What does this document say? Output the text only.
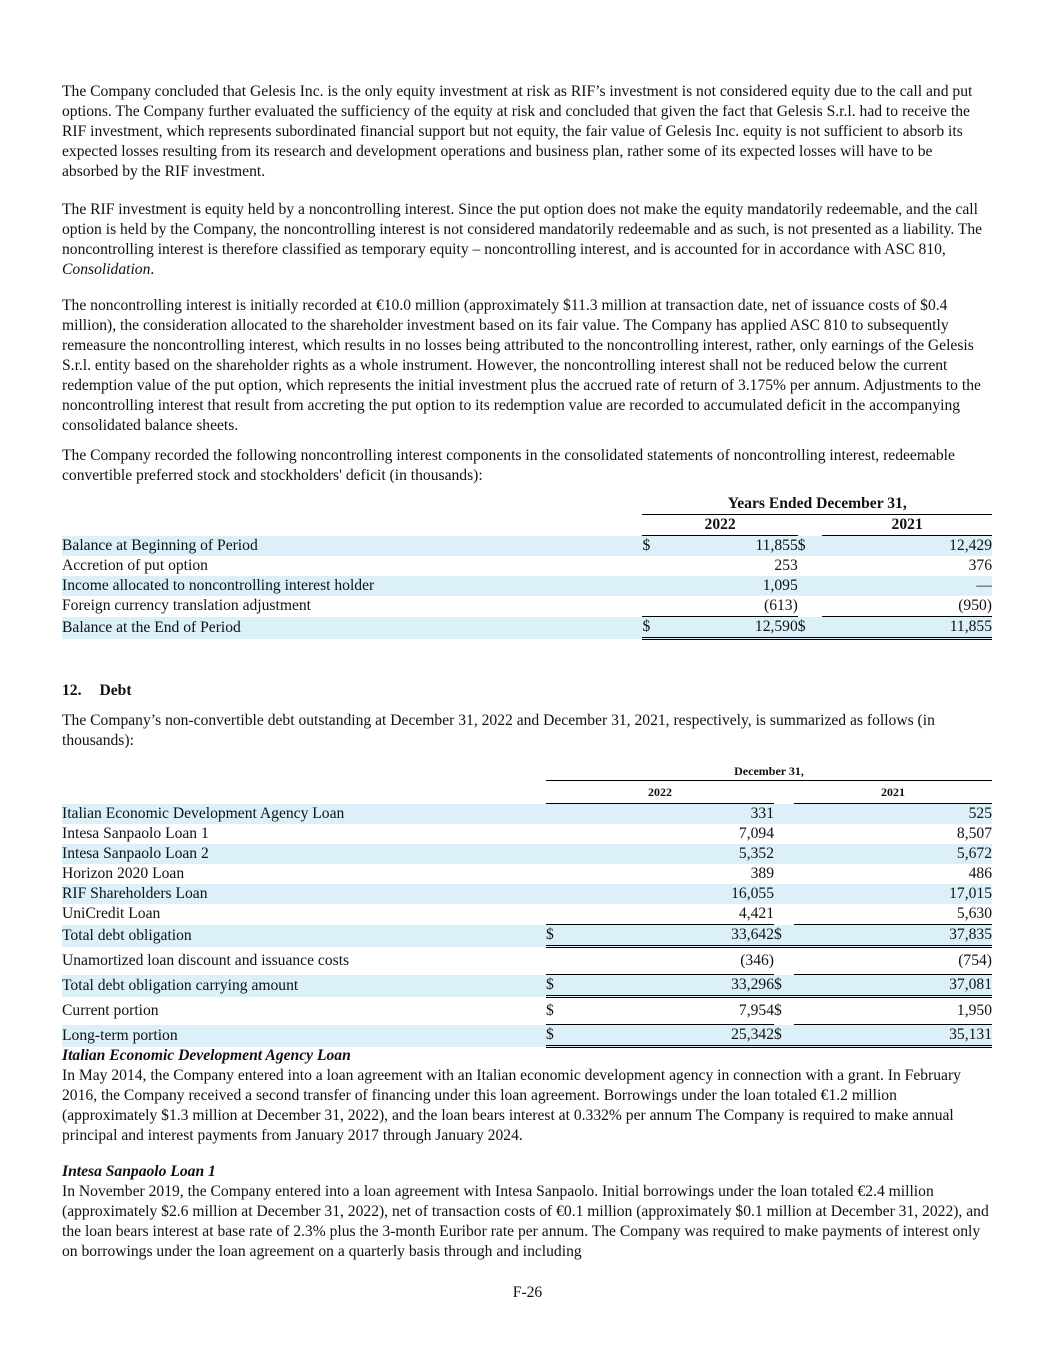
The Company concluded that Gelesis Inc. is the only equity investment at risk as RIF’s investment is not considered equity due to the call and put options. The Company further evaluated the sufficiency of the equity at risk and concluded that given the fact that Gelesis S.r.l. had to receive the RIF investment, which represents subordinated financial support but not equity, the fair value of Gelesis Inc. equity is not sufficient to absorb its expected losses resulting from its research and development operations and business plan, rather some of its expected losses will have to be absorbed by the RIF investment.

The RIF investment is equity held by a noncontrolling interest. Since the put option does not make the equity mandatorily redeemable, and the call option is held by the Company, the noncontrolling interest is not considered mandatorily redeemable and as such, is not presented as a liability. The noncontrolling interest is therefore classified as temporary equity – noncontrolling interest, and is accounted for in accordance with ASC 810, Consolidation.

The noncontrolling interest is initially recorded at €10.0 million (approximately $11.3 million at transaction date, net of issuance costs of $0.4 million), the consideration allocated to the shareholder investment based on its fair value. The Company has applied ASC 810 to subsequently remeasure the noncontrolling interest, which results in no losses being attributed to the noncontrolling interest, rather, only earnings of the Gelesis S.r.l. entity based on the shareholder rights as a whole instrument. However, the noncontrolling interest shall not be reduced below the current redemption value of the put option, which represents the initial investment plus the accrued rate of return of 3.175% per annum. Adjustments to the noncontrolling interest that result from accreting the put option to its redemption value are recorded to accumulated deficit in the accompanying consolidated balance sheets.

The Company recorded the following noncontrolling interest components in the consolidated statements of noncontrolling interest, redeemable convertible preferred stock and stockholders' deficit (in thousands):

	Years Ended December 31,				
	2022			2021	
Balance at Beginning of Period	$	11,855	$		12,429
Accretion of put option		253			376
Income allocated to noncontrolling interest holder		1,095			—
Foreign currency translation adjustment		(613)			(950)
Balance at the End of Period	$	12,590	$		11,855

12. Debt

The Company’s non-convertible debt outstanding at December 31, 2022 and December 31, 2021, respectively, is summarized as follows (in thousands):

	December 31,				
	2022			2021	
Italian Economic Development Agency Loan		331			525
Intesa Sanpaolo Loan 1		7,094			8,507
Intesa Sanpaolo Loan 2		5,352			5,672
Horizon 2020 Loan		389			486
RIF Shareholders Loan		16,055			17,015
UniCredit Loan		4,421			5,630
Total debt obligation	$	33,642	$		37,835
Unamortized loan discount and issuance costs		(346)			(754)
Total debt obligation carrying amount	$	33,296	$		37,081
Current portion	$	7,954	$		1,950
Long-term portion	$	25,342	$		35,131

Italian Economic Development Agency Loan

In May 2014, the Company entered into a loan agreement with an Italian economic development agency in connection with a grant. In February 2016, the Company received a second transfer of financing under this loan agreement. Borrowings under the loan totaled €1.2 million (approximately $1.3 million at December 31, 2022), and the loan bears interest at 0.332% per annum The Company is required to make annual principal and interest payments from January 2017 through January 2024.

Intesa Sanpaolo Loan 1

In November 2019, the Company entered into a loan agreement with Intesa Sanpaolo. Initial borrowings under the loan totaled €2.4 million (approximately $2.6 million at December 31, 2022), net of transaction costs of €0.1 million (approximately $0.1 million at December 31, 2022), and the loan bears interest at base rate of 2.3% plus the 3-month Euribor rate per annum. The Company was required to make payments of interest only on borrowings under the loan agreement on a quarterly basis through and including

F-26
